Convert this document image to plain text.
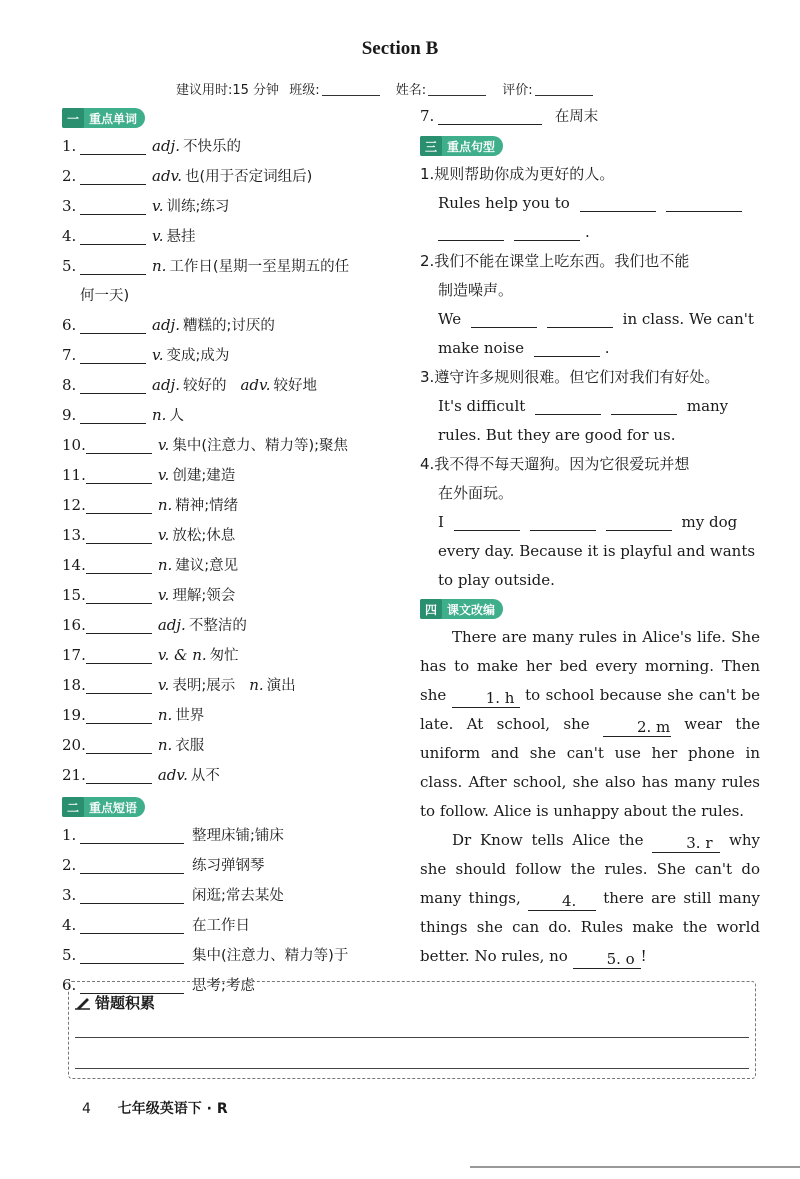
Section B
建议用时:15 分钟 班级:	姓名:	评价:
一 重点单词
1.	adj. 不快乐的
2.	adv. 也(用于否定词组后)
3.	v. 训练;练习
4.	v. 悬挂
5.	n. 工作日(星期一至星期五的任
何一天)
6.	adj. 糟糕的;讨厌的
7.	v. 变成;成为
8.	adj. 较好的 adv. 较好地
9.	n. 人
10.	v. 集中(注意力、精力等);聚焦
11.	v. 创建;建造
12.	n. 精神;情绪
13.	v. 放松;休息
14.	n. 建议;意见
15.	v. 理解;领会
16.	adj. 不整洁的
17.	v. & n. 匆忙
18.	v. 表明;展示 n. 演出
19.	n. 世界
20.	n. 衣服
21.	adv. 从不
二 重点短语
1.	整理床铺;铺床
2.	练习弹钢琴
3.	闲逛;常去某处
4.	在工作日
5.	集中(注意力、精力等)于
6.	思考;考虑
7.	在周末
三 重点句型
1.规则帮助你成为更好的人。
Rules help you to
.
2.我们不能在课堂上吃东西。我们也不能
制造噪声。
We	in class. We can't
make noise	.
3.遵守许多规则很难。但它们对我们有好处。
It's difficult	many
rules. But they are good for us.
4.我不得不每天遛狗。因为它很爱玩并想
在外面玩。
I	my dog
every day. Because it is playful and wants
to play outside.
四 课文改编

There are many rules in Alice's life. She has to make her bed every morning. Then she 1. h to school because she can't be late. At school, she 2. m wear the uniform and she can't use her phone in class. After school, she also has many rules to follow. Alice is unhappy about the rules.

Dr Know tells Alice the 3. r why she should follow the rules. She can't do many things, 4. there are still many things she can do. Rules make the world better. No rules, no 5. o !

错题积累
4 七年级英语下 · R
